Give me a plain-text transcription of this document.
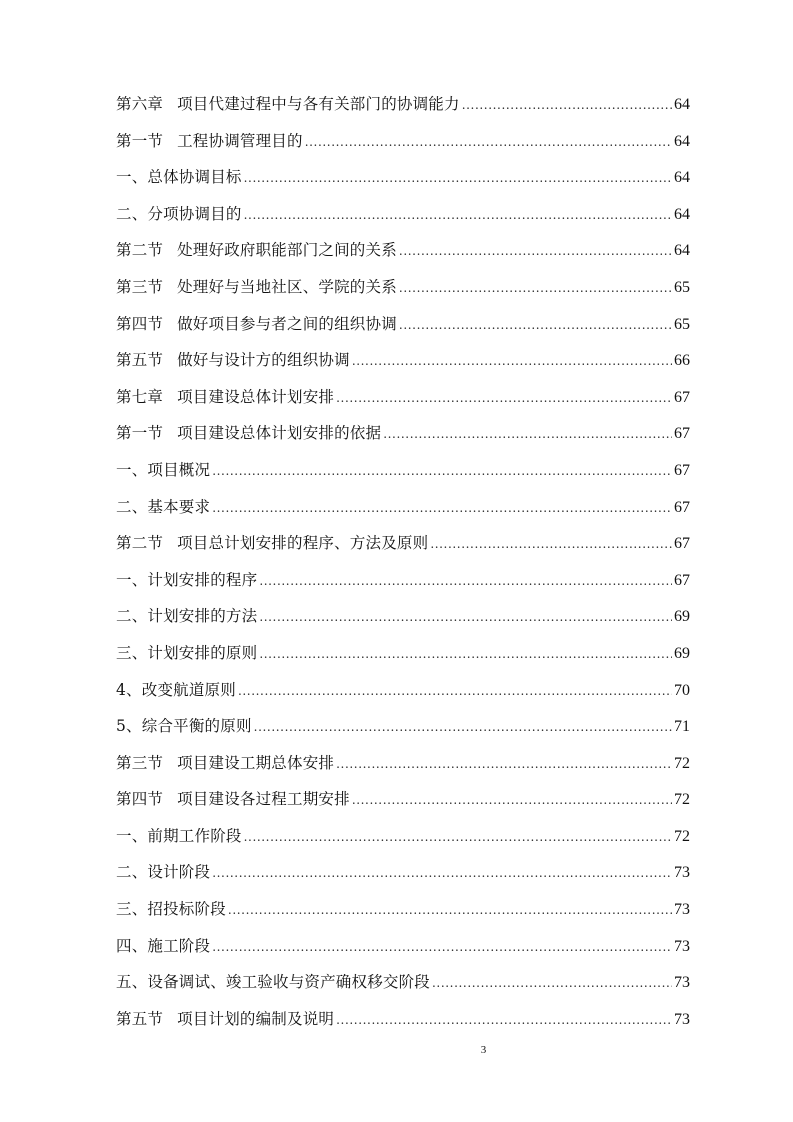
第六章 项目代建过程中与各有关部门的协调能力 .....	64
第一节 工程协调管理目的 .....	64
一、总体协调目标 .....	64
二、分项协调目的 .....	64
第二节 处理好政府职能部门之间的关系 .....	64
第三节 处理好与当地社区、学院的关系 .....	65
第四节 做好项目参与者之间的组织协调 .....	65
第五节 做好与设计方的组织协调 .....	66
第七章 项目建设总体计划安排 .....	67
第一节 项目建设总体计划安排的依据 .....	67
一、项目概况 .....	67
二、基本要求 .....	67
第二节 项目总计划安排的程序、方法及原则 .....	67
一、计划安排的程序 .....	67
二、计划安排的方法 .....	69
三、计划安排的原则 .....	69
4、改变航道原则 .....	70
5、综合平衡的原则 .....	71
第三节 项目建设工期总体安排 .....	72
第四节 项目建设各过程工期安排 .....	72
一、前期工作阶段 .....	72
二、设计阶段 .....	73
三、招投标阶段 .....	73
四、施工阶段 .....	73
五、设备调试、竣工验收与资产确权移交阶段 .....	73
第五节 项目计划的编制及说明 .....	73
3
